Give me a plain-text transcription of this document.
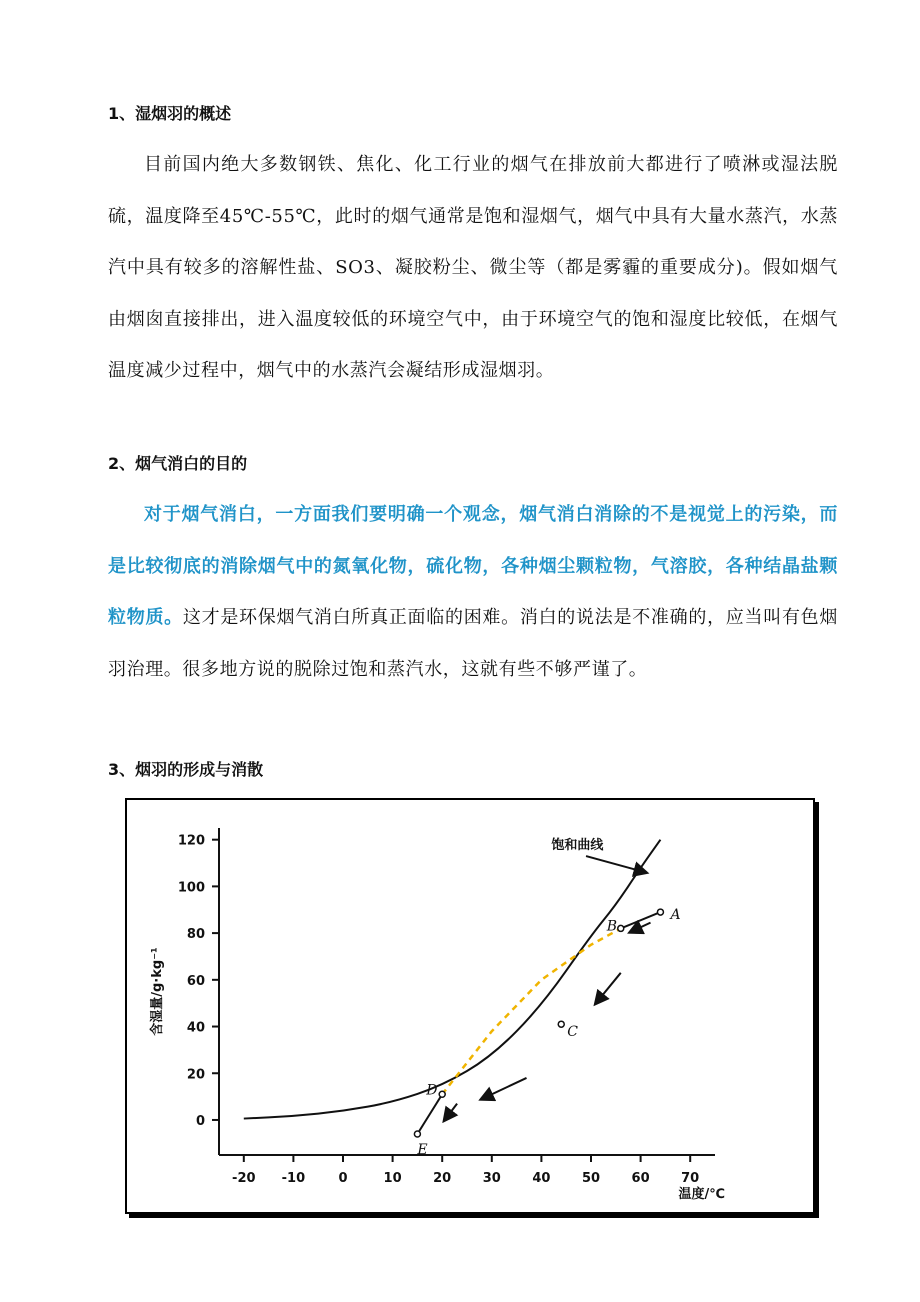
1、湿烟羽的概述

目前国内绝大多数钢铁、焦化、化工行业的烟气在排放前大都进行了喷淋或湿法脱硫，温度降至45℃-55℃，此时的烟气通常是饱和湿烟气，烟气中具有大量水蒸汽，水蒸汽中具有较多的溶解性盐、SO3、凝胶粉尘、微尘等（都是雾霾的重要成分)。假如烟气由烟囱直接排出，进入温度较低的环境空气中，由于环境空气的饱和湿度比较低，在烟气温度减少过程中，烟气中的水蒸汽会凝结形成湿烟羽。

2、烟气消白的目的

对于烟气消白，一方面我们要明确一个观念，烟气消白消除的不是视觉上的污染，而是比较彻底的消除烟气中的氮氧化物，硫化物，各种烟尘颗粒物，气溶胶，各种结晶盐颗粒物质。这才是环保烟气消白所真正面临的困难。消白的说法是不准确的，应当叫有色烟羽治理。很多地方说的脱除过饱和蒸汽水，这就有些不够严谨了。

3、烟羽的形成与消散
-20 -10	0	10 20 30 40 50 60 70
120
100
80
60
40
20
0
A
B
C
D
E
饱和曲线
温度/℃
含湿量/g·kg⁻¹
